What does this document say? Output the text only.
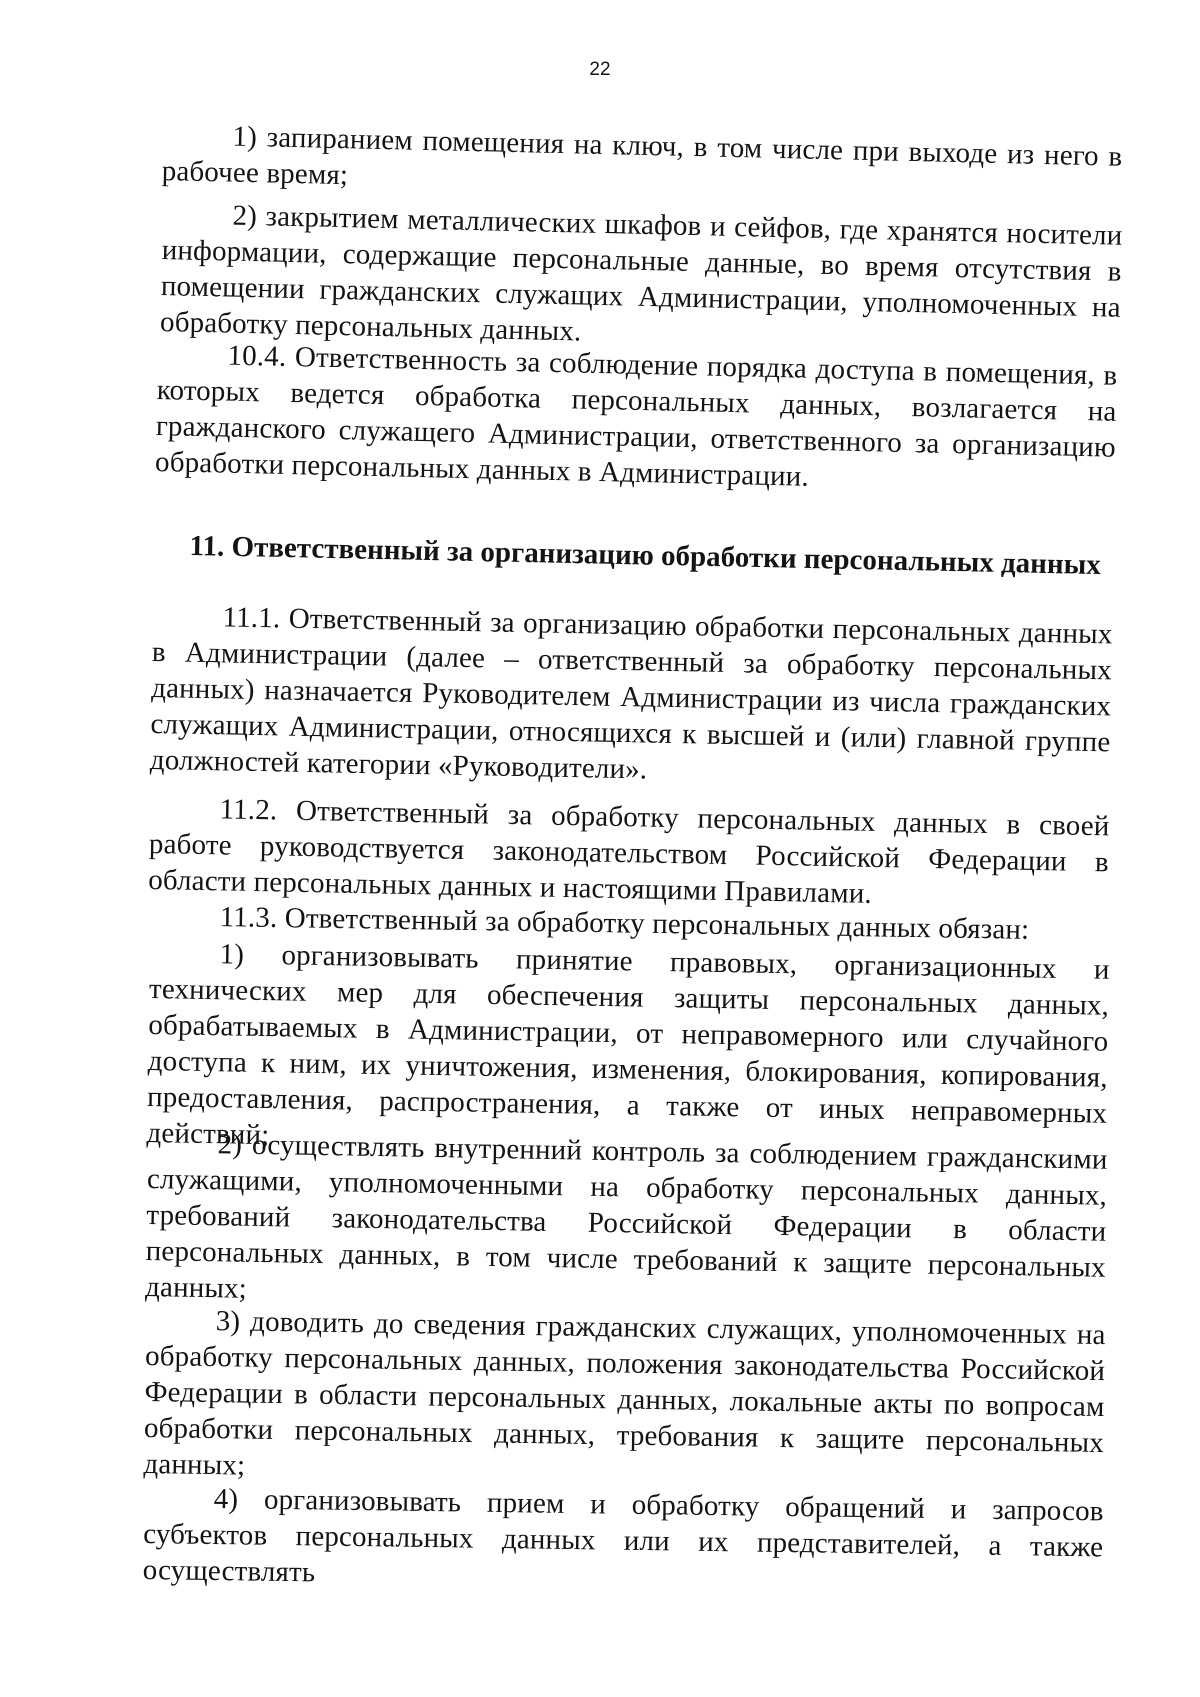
22

1) запиранием помещения на ключ, в том числе при выходе из него в рабочее время;

2) закрытием металлических шкафов и сейфов, где хранятся носители информации, содержащие персональные данные, во время отсутствия в помещении гражданских служащих Администрации, уполномоченных на обработку персональных данных.

10.4. Ответственность за соблюдение порядка доступа в помещения, в которых ведется обработка персональных данных, возлагается на гражданского служащего Администрации, ответственного за организацию обработки персональных данных в Администрации.

11. Ответственный за организацию обработки персональных данных

11.1. Ответственный за организацию обработки персональных данных в Администрации (далее – ответственный за обработку персональных данных) назначается Руководителем Администрации из числа гражданских служащих Администрации, относящихся к высшей и (или) главной группе должностей категории «Руководители».

11.2. Ответственный за обработку персональных данных в своей работе руководствуется законодательством Российской Федерации в области персональных данных и настоящими Правилами.

11.3. Ответственный за обработку персональных данных обязан:

1) организовывать принятие правовых, организационных и технических мер для обеспечения защиты персональных данных, обрабатываемых в Администрации, от неправомерного или случайного доступа к ним, их уничтожения, изменения, блокирования, копирования, предоставления, распространения, а также от иных неправомерных действий;

2) осуществлять внутренний контроль за соблюдением гражданскими служащими, уполномоченными на обработку персональных данных, требований законодательства Российской Федерации в области персональных данных, в том числе требований к защите персональных данных;

3) доводить до сведения гражданских служащих, уполномоченных на обработку персональных данных, положения законодательства Российской Федерации в области персональных данных, локальные акты по вопросам обработки персональных данных, требования к защите персональных данных;

4) организовывать прием и обработку обращений и запросов субъектов персональных данных или их представителей, а также осуществлять
